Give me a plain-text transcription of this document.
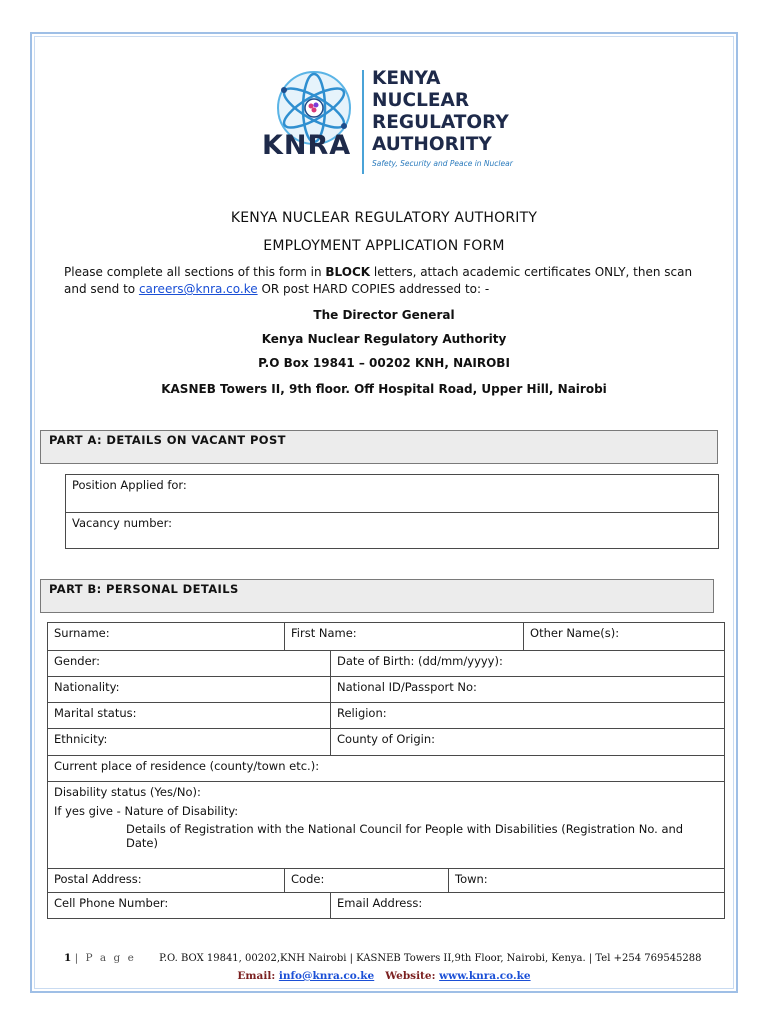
KNRA
KENYA
NUCLEAR
REGULATORY
AUTHORITY
Safety, Security and Peace in Nuclear
KENYA NUCLEAR REGULATORY AUTHORITY
EMPLOYMENT APPLICATION FORM
Please complete all sections of this form in BLOCK letters, attach academic certificates ONLY, then scan and send to careers@knra.co.ke OR post HARD COPIES addressed to: -
The Director General
Kenya Nuclear Regulatory Authority
P.O Box 19841 – 00202 KNH, NAIROBI
KASNEB Towers II, 9th floor. Off Hospital Road, Upper Hill, Nairobi
PART A: DETAILS ON VACANT POST
Position Applied for:
Vacancy number:
PART B: PERSONAL DETAILS
Surname:	First Name:			Other Name(s):
Gender:		Date of Birth: (dd/mm/yyyy):		
Nationality:		National ID/Passport No:		
Marital status:		Religion:		
Ethnicity:		County of Origin:		
Current place of residence (county/town etc.):				

Disability status (Yes/No):
If yes give - Nature of Disability:
Details of Registration with the National Council for People with Disabilities (Registration No. and Date)				

Postal Address:	Code:		Town:	
Cell Phone Number:		Email Address:		
1 | P a g e P.O. BOX 19841, 00202,KNH Nairobi | KASNEB Towers II,9th Floor, Nairobi, Kenya. | Tel +254 769545288
Email: info@knra.co.ke   Website: www.knra.co.ke
